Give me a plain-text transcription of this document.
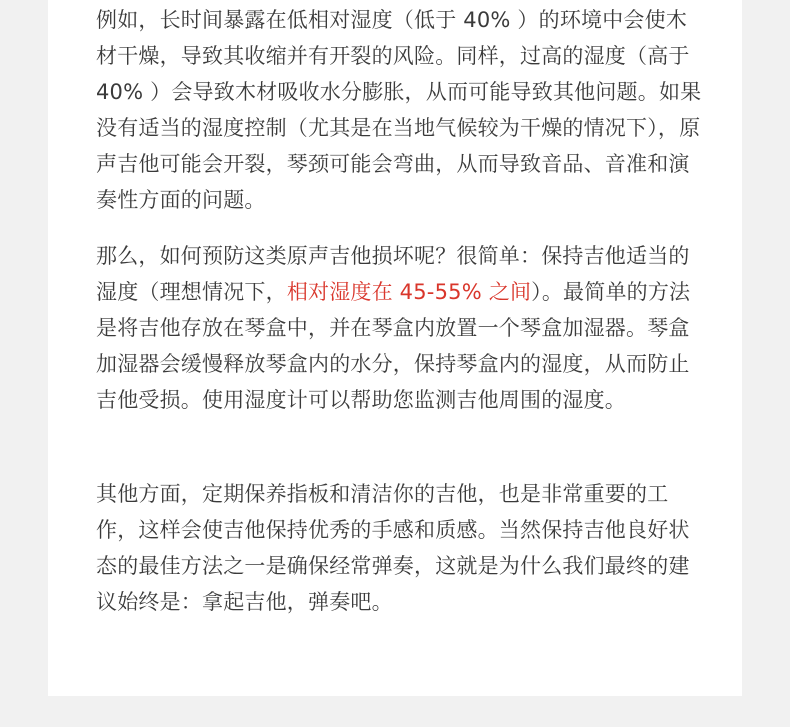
例如，长时间暴露在低相对湿度（低于 40% ）的环境中会使木材干燥，导致其收缩并有开裂的风险。同样，过高的湿度（高于 40% ）会导致木材吸收水分膨胀，从而可能导致其他问题。如果没有适当的湿度控制（尤其是在当地气候较为干燥的情况下），原声吉他可能会开裂，琴颈可能会弯曲，从而导致音品、音准和演奏性方面的问题。

那么，如何预防这类原声吉他损坏呢？很简单：保持吉他适当的湿度（理想情况下，相对湿度在 45-55% 之间）。最简单的方法是将吉他存放在琴盒中，并在琴盒内放置一个琴盒加湿器。琴盒加湿器会缓慢释放琴盒内的水分，保持琴盒内的湿度，从而防止吉他受损。使用湿度计可以帮助您监测吉他周围的湿度。

其他方面，定期保养指板和清洁你的吉他，也是非常重要的工作，这样会使吉他保持优秀的手感和质感。当然保持吉他良好状态的最佳方法之一是确保经常弹奏，这就是为什么我们最终的建议始终是：拿起吉他，弹奏吧。
